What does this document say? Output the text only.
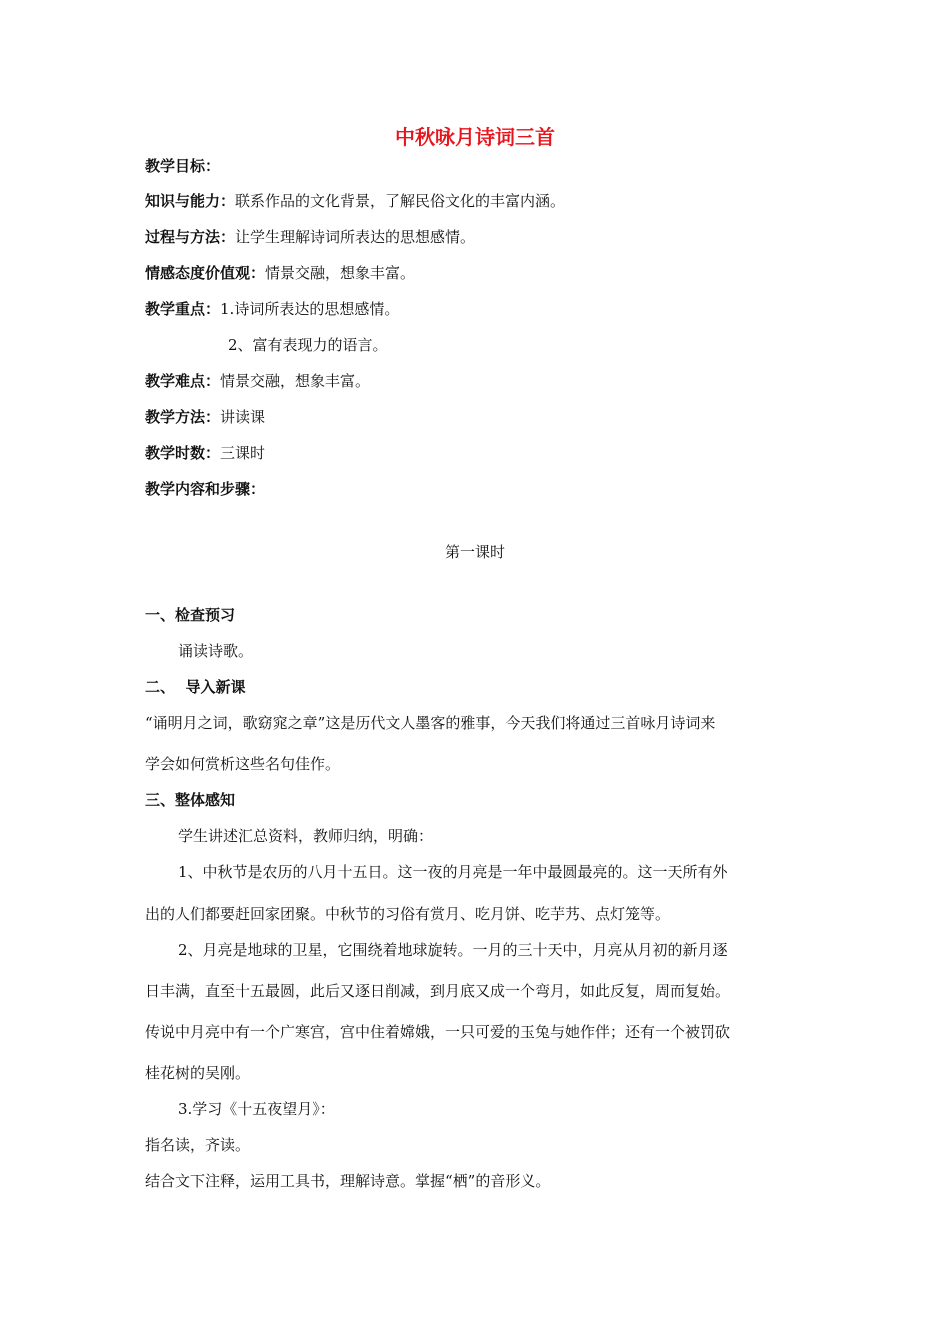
中秋咏月诗词三首
教学目标：
知识与能力：联系作品的文化背景，了解民俗文化的丰富内涵。
过程与方法：让学生理解诗词所表达的思想感情。
情感态度价值观：情景交融，想象丰富。
教学重点：1.诗词所表达的思想感情。
2、富有表现力的语言。
教学难点：情景交融，想象丰富。
教学方法：讲读课
教学时数：三课时
教学内容和步骤：
第一课时
一、检查预习
诵读诗歌。
二、  导入新课
“诵明月之词，歌窈窕之章”这是历代文人墨客的雅事，今天我们将通过三首咏月诗词来
学会如何赏析这些名句佳作。
三、整体感知
学生讲述汇总资料，教师归纳，明确：
1、中秋节是农历的八月十五日。这一夜的月亮是一年中最圆最亮的。这一天所有外
出的人们都要赶回家团聚。中秋节的习俗有赏月、吃月饼、吃芋艿、点灯笼等。
2、月亮是地球的卫星，它围绕着地球旋转。一月的三十天中，月亮从月初的新月逐
日丰满，直至十五最圆，此后又逐日削减，到月底又成一个弯月，如此反复，周而复始。
传说中月亮中有一个广寒宫，宫中住着嫦娥，一只可爱的玉兔与她作伴；还有一个被罚砍
桂花树的吴刚。
3.学习《十五夜望月》：
指名读，齐读。
结合文下注释，运用工具书，理解诗意。掌握“栖”的音形义。
